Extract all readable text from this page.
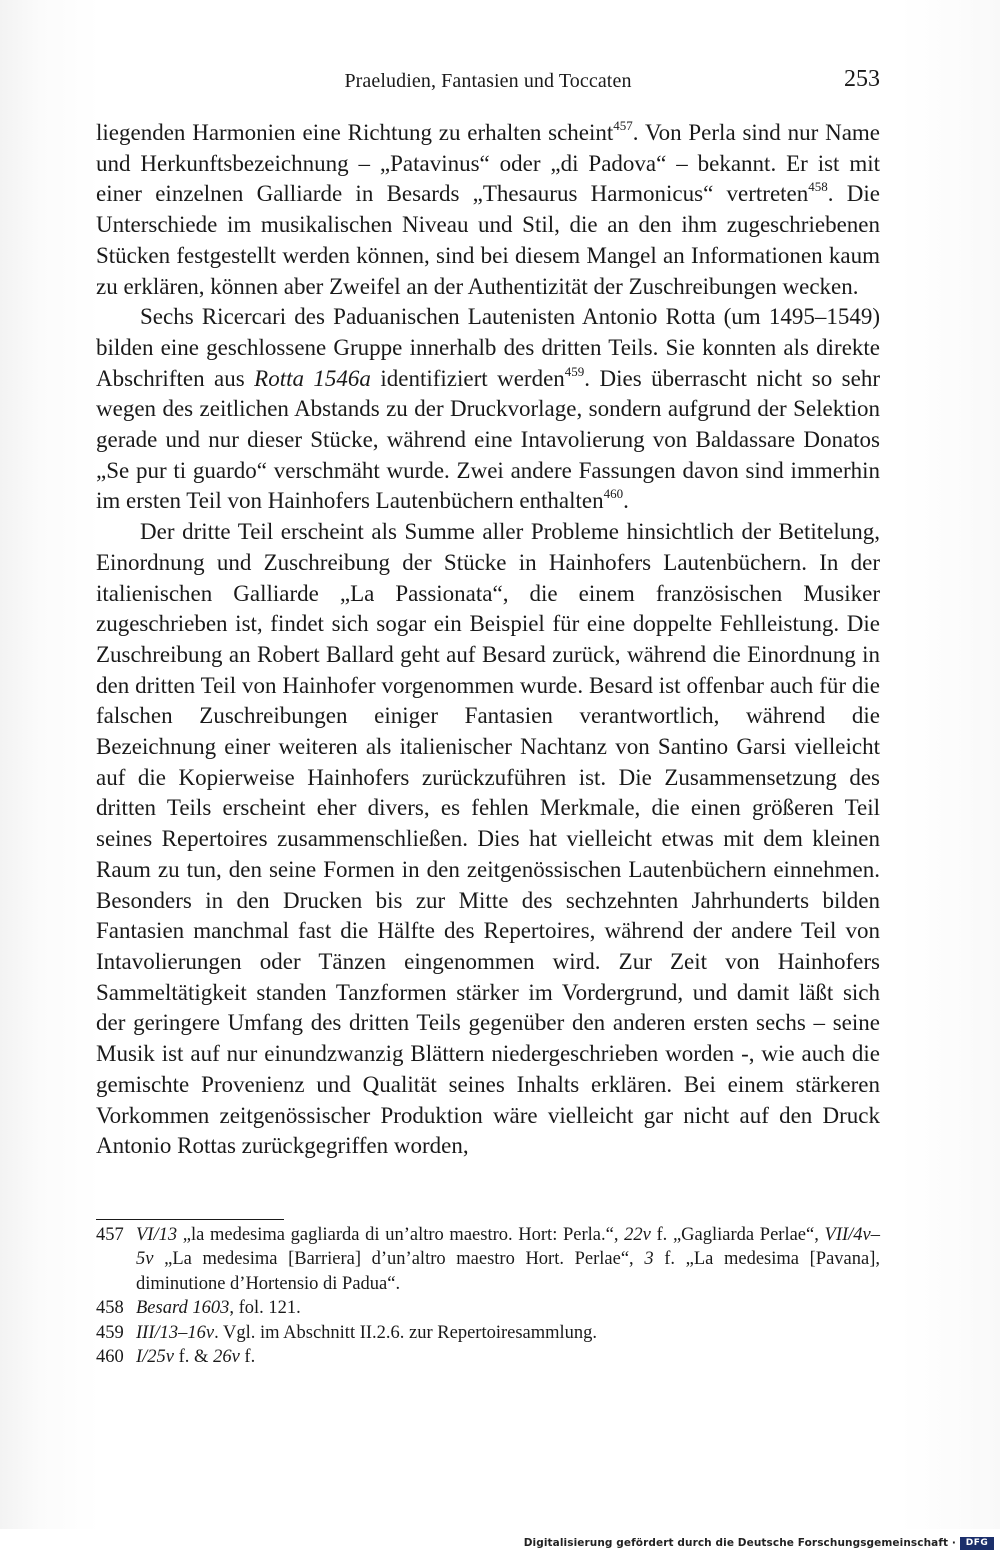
Praeludien, Fantasien und Toccaten	253

liegenden Harmonien eine Richtung zu erhalten scheint$^{457}$. Von Perla sind nur Name und Herkunftsbezeichnung – „Patavinus“ oder „di Padova“ – bekannt. Er ist mit einer einzelnen Galliarde in Besards „Thesaurus Harmonicus“ vertreten$^{458}$. Die Unterschiede im musikalischen Niveau und Stil, die an den ihm zugeschriebenen Stücken festgestellt werden können, sind bei diesem Mangel an Informationen kaum zu erklären, können aber Zweifel an der Authentizität der Zuschreibungen wecken.

Sechs Ricercari des Paduanischen Lautenisten Antonio Rotta (um 1495–1549) bilden eine geschlossene Gruppe innerhalb des dritten Teils. Sie konnten als direkte Abschriften aus Rotta 1546a identifiziert werden$^{459}$. Dies überrascht nicht so sehr wegen des zeitlichen Abstands zu der Druckvorlage, sondern aufgrund der Selektion gerade und nur dieser Stücke, während eine Intavolierung von Baldassare Donatos „Se pur ti guardo“ verschmäht wurde. Zwei andere Fassungen davon sind immerhin im ersten Teil von Hainhofers Lautenbüchern enthalten$^{460}$.

Der dritte Teil erscheint als Summe aller Probleme hinsichtlich der Betitelung, Einordnung und Zuschreibung der Stücke in Hainhofers Lautenbüchern. In der italienischen Galliarde „La Passionata“, die einem französischen Musiker zugeschrieben ist, findet sich sogar ein Beispiel für eine doppelte Fehlleistung. Die Zuschreibung an Robert Ballard geht auf Besard zurück, während die Einordnung in den dritten Teil von Hainhofer vorgenommen wurde. Besard ist offenbar auch für die falschen Zuschreibungen einiger Fantasien verantwortlich, während die Bezeichnung einer weiteren als italienischer Nachtanz von Santino Garsi vielleicht auf die Kopierweise Hainhofers zurückzuführen ist. Die Zusammensetzung des dritten Teils erscheint eher divers, es fehlen Merkmale, die einen größeren Teil seines Repertoires zusammenschließen. Dies hat vielleicht etwas mit dem kleinen Raum zu tun, den seine Formen in den zeitgenössischen Lautenbüchern einnehmen. Besonders in den Drucken bis zur Mitte des sechzehnten Jahrhunderts bilden Fantasien manchmal fast die Hälfte des Repertoires, während der andere Teil von Intavolierungen oder Tänzen eingenommen wird. Zur Zeit von Hainhofers Sammeltätigkeit standen Tanzformen stärker im Vordergrund, und damit läßt sich der geringere Umfang des dritten Teils gegenüber den anderen ersten sechs – seine Musik ist auf nur einundzwanzig Blättern niedergeschrieben worden -, wie auch die gemischte Provenienz und Qualität seines Inhalts erklären. Bei einem stärkeren Vorkommen zeitgenössischer Produktion wäre vielleicht gar nicht auf den Druck Antonio Rottas zurückgegriffen worden,

457 VI/13 „la medesima gagliarda di un’altro maestro. Hort: Perla.“, 22v f. „Gagliarda Perlae“, VII/4v–5v „La medesima [Barriera] d’un’altro maestro Hort. Perlae“, 3 f. „La medesima [Pavana], diminutione d’Hortensio di Padua“.
458 Besard 1603, fol. 121.
459 III/13–16v. Vgl. im Abschnitt II.2.6. zur Repertoiresammlung.
460 I/25v f. & 26v f.
Digitalisierung gefördert durch die Deutsche Forschungsgemeinschaft ·	DFG
